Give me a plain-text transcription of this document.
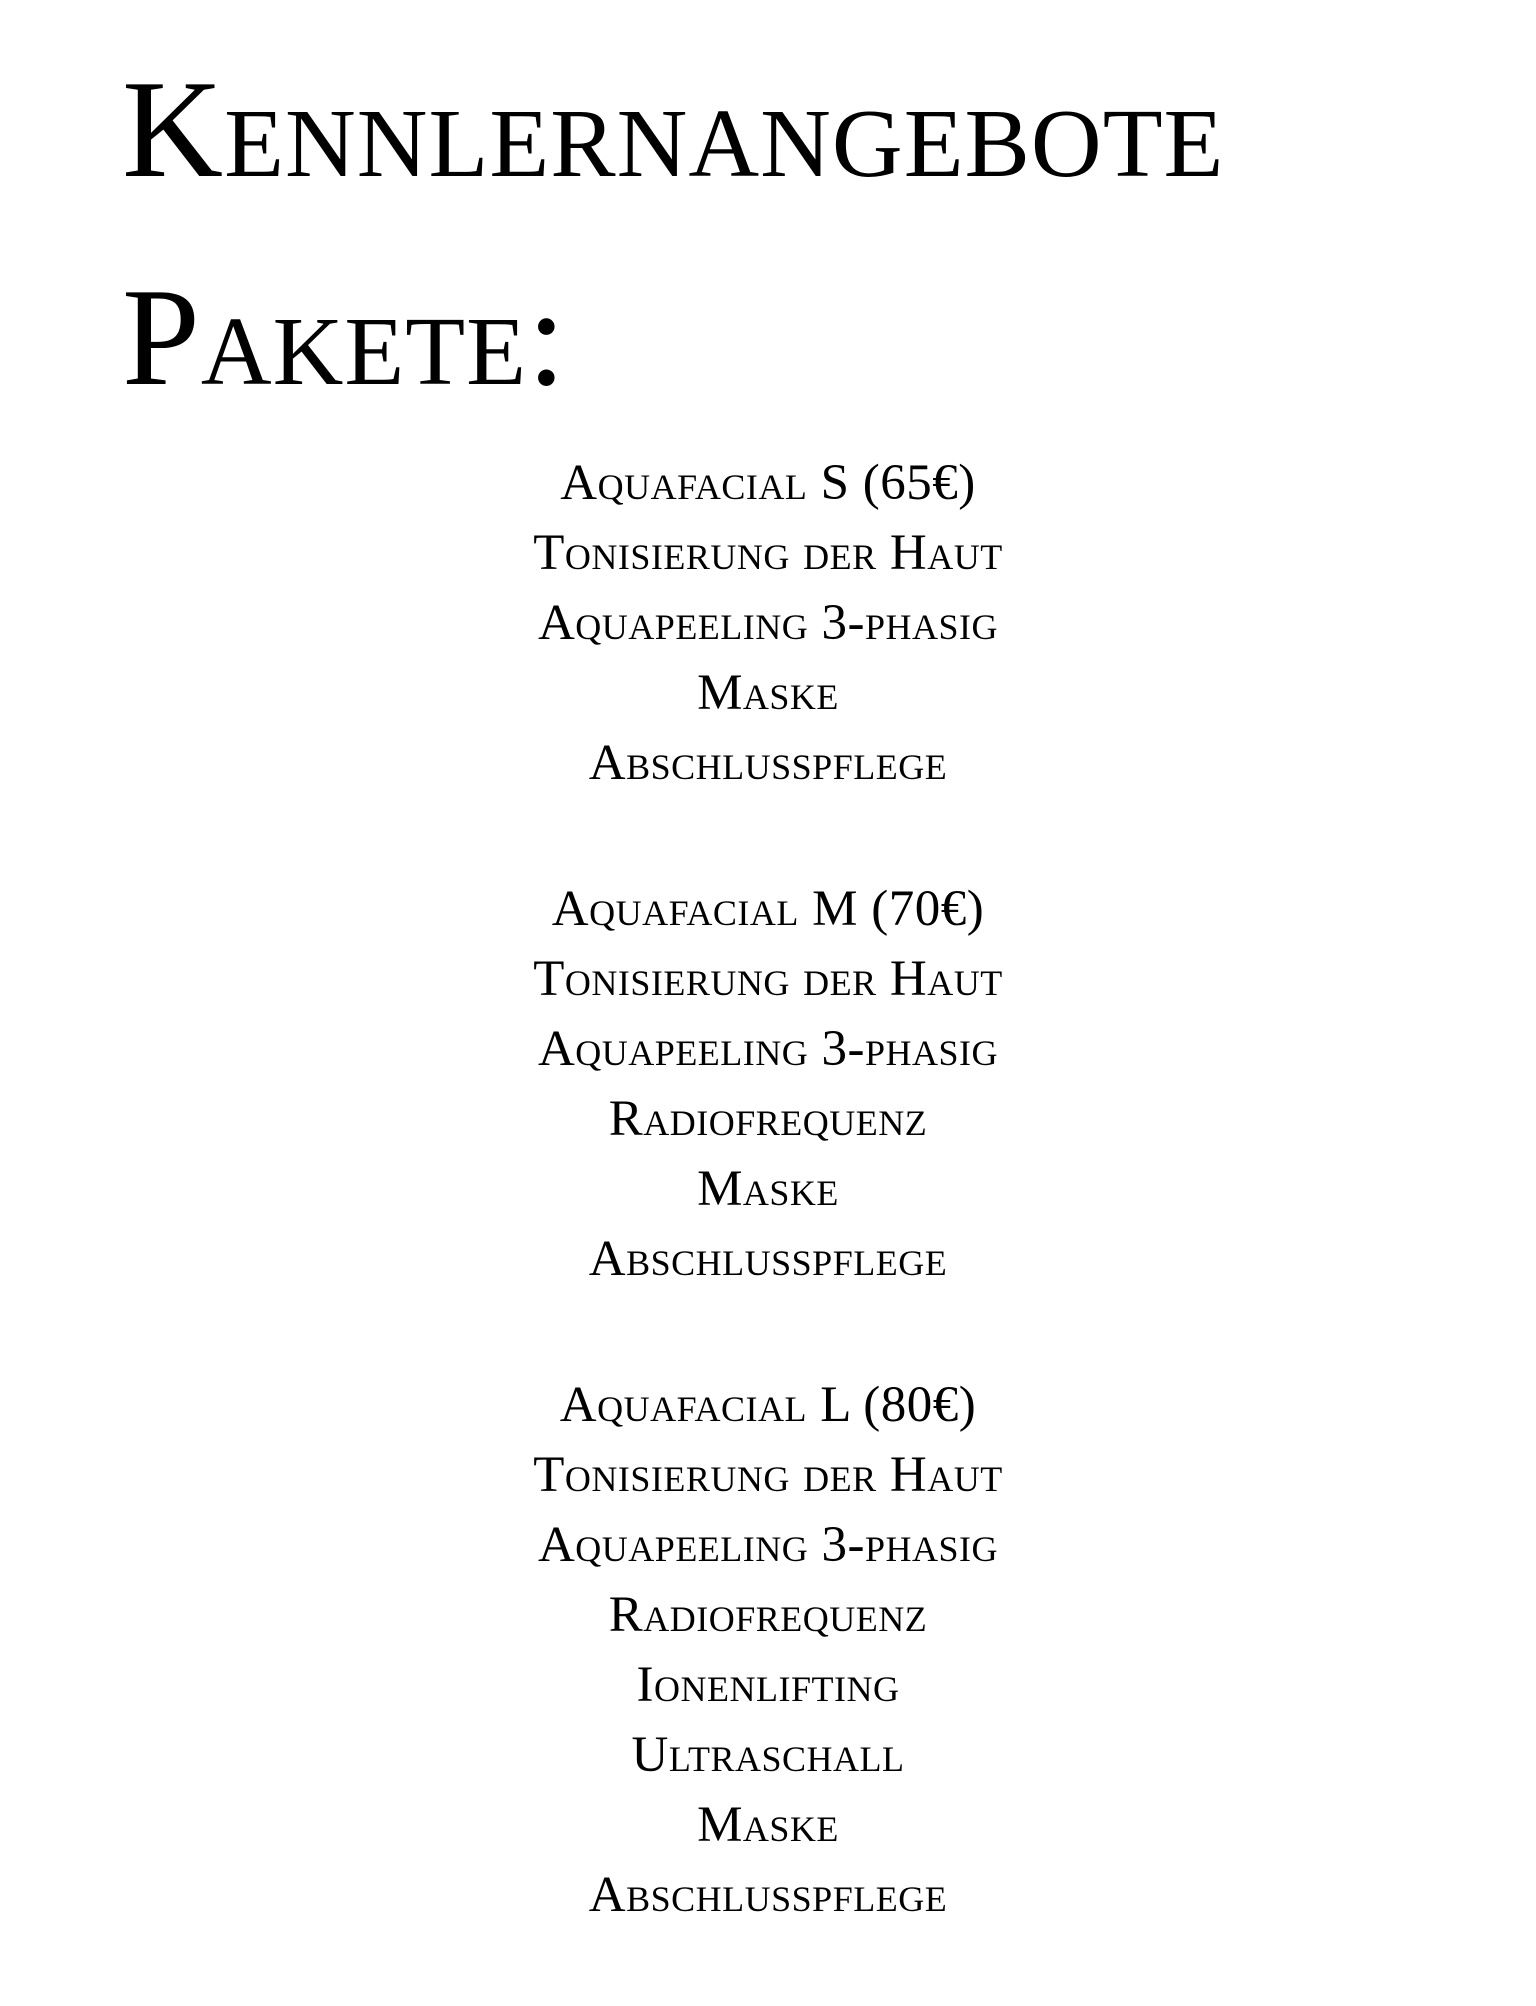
Kennlernangebote
Pakete:
Aquafacial S (65€)
Tonisierung der Haut
Aquapeeling 3-phasig
Maske
Abschlusspflege
Aquafacial M (70€)
Tonisierung der Haut
Aquapeeling 3-phasig
Radiofrequenz
Maske
Abschlusspflege
Aquafacial L (80€)
Tonisierung der Haut
Aquapeeling 3-phasig
Radiofrequenz
Ionenlifting
Ultraschall
Maske
Abschlusspflege
